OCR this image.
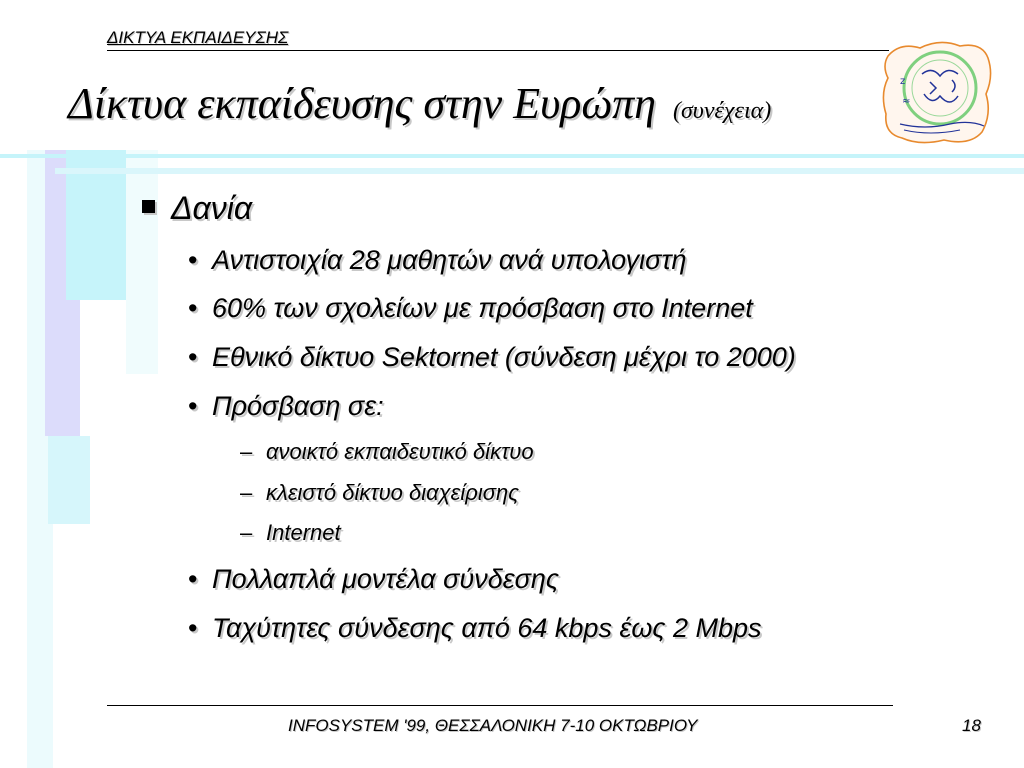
ΔΙΚΤΥΑ ΕΚΠΑΙΔΕΥΣΗΣ
Δίκτυα εκπαίδευσης στην Ευρώπη (συνέχεια)
z
≈
Δανία
• Αντιστοιχία 28 μαθητών ανά υπολογιστή
• 60% των σχολείων με πρόσβαση στο Internet
• Εθνικό δίκτυο Sektornet (σύνδεση μέχρι το 2000)
• Πρόσβαση σε:
– ανοικτό εκπαιδευτικό δίκτυο
– κλειστό δίκτυο διαχείρισης
– Internet
• Πολλαπλά μοντέλα σύνδεσης
• Ταχύτητες σύνδεσης από 64 kbps έως 2 Mbps
INFOSYSTEM '99, ΘΕΣΣΑΛΟΝΙΚΗ 7-10 ΟΚΤΩΒΡΙΟΥ	18
